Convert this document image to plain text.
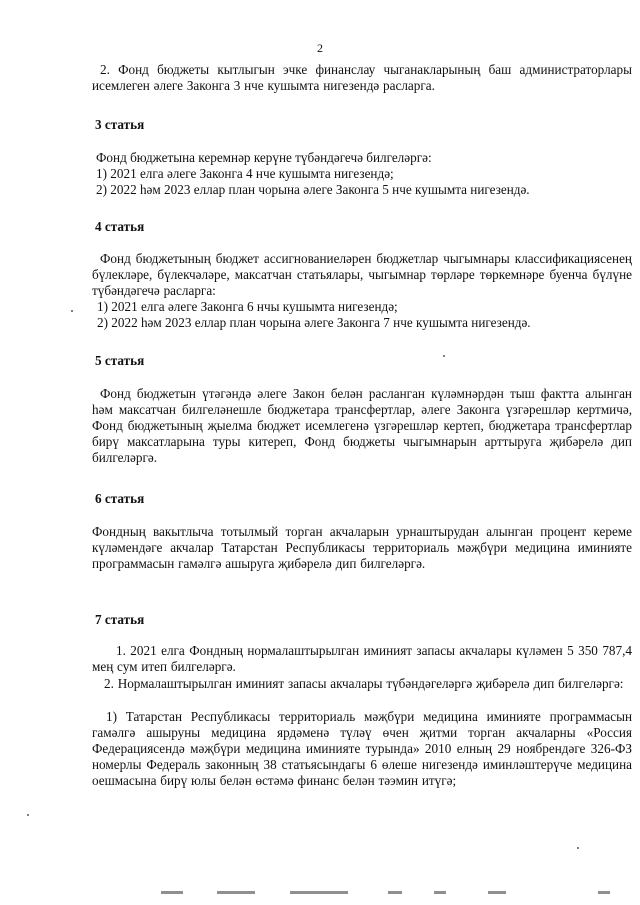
2
2. Фонд бюджеты кытлыгын эчке финанслау чыганакларының баш администраторлары исемлеген әлеге Законга 3 нче кушымта нигезендә расларга.
3 статья
Фонд бюджетына керемнәр керүне түбәндәгечә билгеләргә:
1) 2021 елга әлеге Законга 4 нче кушымта нигезендә;
2) 2022 һәм 2023 еллар план чорына әлеге Законга 5 нче кушымта нигезендә.
4 статья
Фонд бюджетының бюджет ассигнованиеләрен бюджетлар чыгымнары классификациясенең бүлекләре, бүлекчәләре, максатчан статьялары, чыгымнар төрләре төркемнәре буенча бүлүне түбәндәгечә расларга:
1) 2021 елга әлеге Законга 6 нчы кушымта нигезендә;
2) 2022 һәм 2023 еллар план чорына әлеге Законга 7 нче кушымта нигезендә.
5 статья
Фонд бюджетын үтәгәндә әлеге Закон белән расланган күләмнәрдән тыш фактта алынган һәм максатчан билгеләнешле бюджетара трансфертлар, әлеге Законга үзгәрешләр кертмичә, Фонд бюджетының җыелма бюджет исемлегенә үзгәрешләр кертеп, бюджетара трансфертлар бирү максатларына туры китереп, Фонд бюджеты чыгымнарын арттыруга җибәрелә дип билгеләргә.
6 статья
Фондның вакытлыча тотылмый торган акчаларын урнаштырудан алынган процент кереме күләмендәге акчалар Татарстан Республикасы территориаль мәҗбүри медицина иминияте программасын гамәлгә ашыруга җибәрелә дип билгеләргә.
7 статья
1. 2021 елга Фондның нормалаштырылган иминият запасы акчалары күләмен 5 350 787,4 мең сум итеп билгеләргә.
2. Нормалаштырылган иминият запасы акчалары түбәндәгеләргә җибәрелә дип билгеләргә:
1) Татарстан Республикасы территориаль мәҗбүри медицина иминияте программасын гамәлгә ашыруны медицина ярдәменә түләү өчен җитми торган акчаларны «Россия Федерациясендә мәҗбүри медицина иминияте турында» 2010 елның 29 ноябрендәге 326-ФЗ номерлы Федераль законның 38 статьясындагы 6 өлеше нигезендә иминләштерүче медицина оешмасына бирү юлы белән өстәмә финанс белән тәэмин итүгә;
